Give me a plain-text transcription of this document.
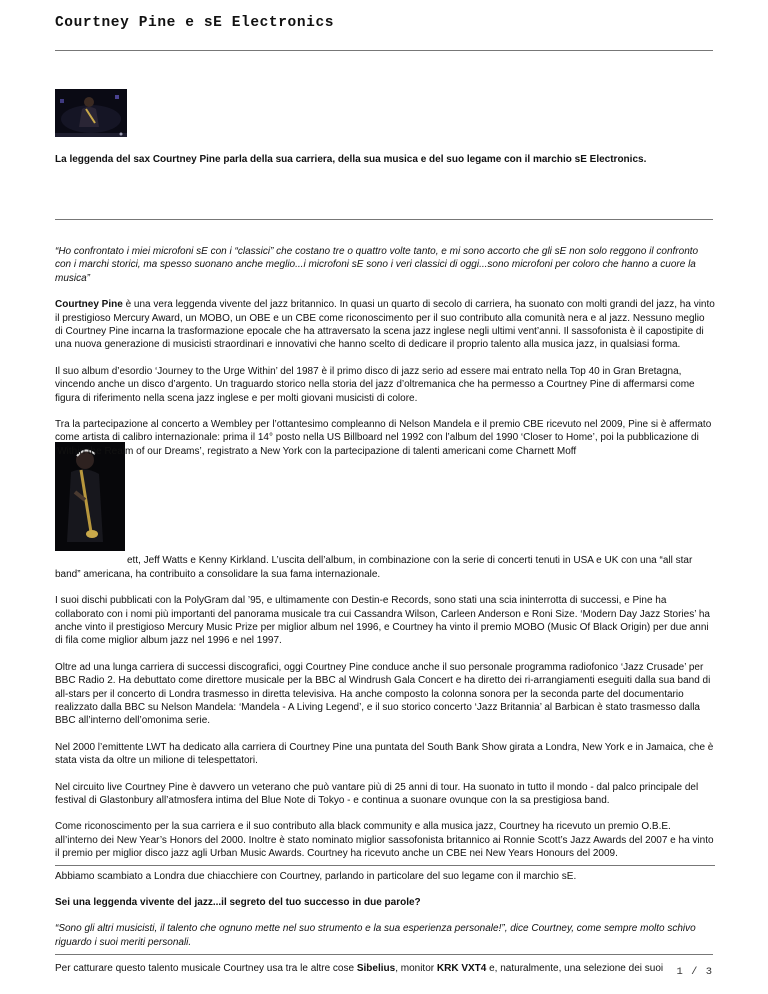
Courtney Pine e sE Electronics

La leggenda del sax Courtney Pine parla della sua carriera, della sua musica e del suo legame con il marchio sE Electronics.

“Ho confrontato i miei microfoni sE con i “classici” che costano tre o quattro volte tanto, e mi sono accorto che gli sE non solo reggono il confronto con i marchi storici, ma spesso suonano anche meglio...i microfoni sE sono i veri classici di oggi...sono microfoni per coloro che hanno a cuore la musica”

Courtney Pine è una vera leggenda vivente del jazz britannico. In quasi un quarto di secolo di carriera, ha suonato con molti grandi del jazz, ha vinto il prestigioso Mercury Award, un MOBO, un OBE e un CBE come riconoscimento per il suo contributo alla comunità nera e al jazz. Nessuno meglio di Courtney Pine incarna la trasformazione epocale che ha attraversato la scena jazz inglese negli ultimi vent’anni. Il sassofonista è il capostipite di una nuova generazione di musicisti straordinari e innovativi che hanno scelto di dedicare il proprio talento alla musica jazz, in qualsiasi forma.

Il suo album d’esordio ‘Journey to the Urge Within’ del 1987 è il primo disco di jazz serio ad essere mai entrato nella Top 40 in Gran Bretagna, vincendo anche un disco d’argento. Un traguardo storico nella storia del jazz d’oltremanica che ha permesso a Courtney Pine di affermarsi come figura di riferimento nella scena jazz inglese e per molti giovani musicisti di colore.

Tra la partecipazione al concerto a Wembley per l’ottantesimo compleanno di Nelson Mandela e il premio CBE ricevuto nel 2009, Pine si è affermato come artista di calibro internazionale: prima il 14° posto nella US Billboard nel 1992 con l’album del 1990 ‘Closer to Home’, poi la pubblicazione di ‘Within the Realm of our Dreams’, registrato a New York con la partecipazione di talenti americani come Charnett Moff
ett, Jeff Watts e Kenny Kirkland. L’uscita dell’album, in combinazione con la serie di concerti tenuti in USA e UK con una “all star band” americana, ha contribuito a consolidare la sua fama internazionale.

I suoi dischi pubblicati con la PolyGram dal ’95, e ultimamente con Destin-e Records, sono stati una scia ininterrotta di successi, e Pine ha collaborato con i nomi più importanti del panorama musicale tra cui Cassandra Wilson, Carleen Anderson e Roni Size. ‘Modern Day Jazz Stories’ ha anche vinto il prestigioso Mercury Music Prize per miglior album nel 1996, e Courtney ha vinto il premio MOBO (Music Of Black Origin) per due anni di fila come miglior album jazz nel 1996 e nel 1997.

Oltre ad una lunga carriera di successi discografici, oggi Courtney Pine conduce anche il suo personale programma radiofonico ‘Jazz Crusade’ per BBC Radio 2. Ha debuttato come direttore musicale per la BBC al Windrush Gala Concert e ha diretto dei ri-arrangiamenti eseguiti dalla sua band di all-stars per il concerto di Londra trasmesso in diretta televisiva. Ha anche composto la colonna sonora per la seconda parte del documentario realizzato dalla BBC su Nelson Mandela: ‘Mandela - A Living Legend’, e il suo storico concerto ‘Jazz Britannia’ al Barbican è stato trasmesso dalla BBC all’interno dell’omonima serie.

Nel 2000 l’emittente LWT ha dedicato alla carriera di Courtney Pine una puntata del South Bank Show girata a Londra, New York e in Jamaica, che è stata vista da oltre un milione di telespettatori.

Nel circuito live Courtney Pine è davvero un veterano che può vantare più di 25 anni di tour. Ha suonato in tutto il mondo - dal palco principale del festival di Glastonbury all’atmosfera intima del Blue Note di Tokyo - e continua a suonare ovunque con la sa prestigiosa band.

Come riconoscimento per la sua carriera e il suo contributo alla black community e alla musica jazz, Courtney ha ricevuto un premio O.B.E. all’interno dei New Year’s Honors del 2000. Inoltre è stato nominato miglior sassofonista britannico ai Ronnie Scott’s Jazz Awards del 2007 e ha vinto il premio per miglior disco jazz agli Urban Music Awards. Courtney ha ricevuto anche un CBE nei New Years Honours del 2009.

Abbiamo scambiato a Londra due chiacchiere con Courtney, parlando in particolare del suo legame con il marchio sE.

Sei una leggenda vivente del jazz...il segreto del tuo successo in due parole?

“Sono gli altri musicisti, il talento che ognuno mette nel suo strumento e la sua esperienza personale!”, dice Courtney, come sempre molto schivo riguardo i suoi meriti personali.

Per catturare questo talento musicale Courtney usa tra le altre cose Sibelius, monitor KRK VXT4 e, naturalmente, una selezione dei suoi	1 / 3
